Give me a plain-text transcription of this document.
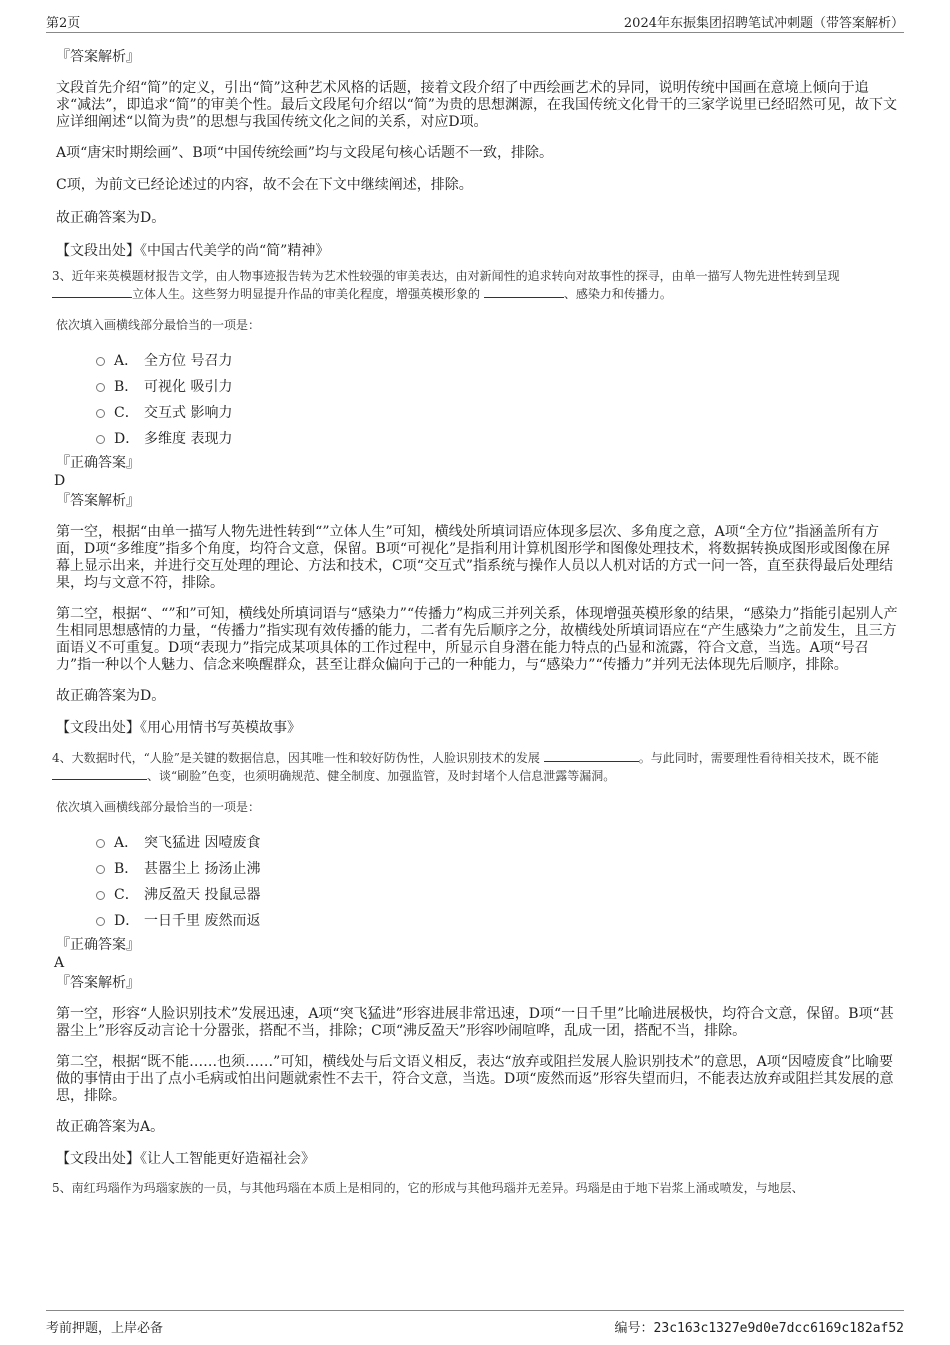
第2页	2024年东振集团招聘笔试冲刺题（带答案解析）
『答案解析』

文段首先介绍“简”的定义，引出“简”这种艺术风格的话题，接着文段介绍了中西绘画艺术的异同，说明传统中国画在意境上倾向于追求“减法”，即追求“简”的审美个性。最后文段尾句介绍以“简”为贵的思想渊源，在我国传统文化骨干的三家学说里已经昭然可见，故下文应详细阐述“以简为贵”的思想与我国传统文化之间的关系，对应D项。

A项“唐宋时期绘画”、B项“中国传统绘画”均与文段尾句核心话题不一致，排除。

C项，为前文已经论述过的内容，故不会在下文中继续阐述，排除。

故正确答案为D。

【文段出处】《中国古代美学的尚“简”精神》
3、近年来英模题材报告文学，由人物事迹报告转为艺术性较强的审美表达，由对新闻性的追求转向对故事性的探寻，由单一描写人物先进性转到呈现 立体人生。这些努力明显提升作品的审美化程度，增强英模形象的	、感染力和传播力。
依次填入画横线部分最恰当的一项是：
A． 全方位 号召力
B． 可视化 吸引力
C． 交互式 影响力
D． 多维度 表现力
『正确答案』
D
『答案解析』

第一空，根据“由单一描写人物先进性转到“”立体人生”可知，横线处所填词语应体现多层次、多角度之意，A项“全方位”指涵盖所有方面，D项“多维度”指多个角度，均符合文意，保留。B项“可视化”是指利用计算机图形学和图像处理技术，将数据转换成图形或图像在屏幕上显示出来，并进行交互处理的理论、方法和技术，C项“交互式”指系统与操作人员以人机对话的方式一问一答，直至获得最后处理结果，均与文意不符，排除。

第二空，根据“、“”和”可知，横线处所填词语与“感染力”“传播力”构成三并列关系，体现增强英模形象的结果，“感染力”指能引起别人产生相同思想感情的力量，“传播力”指实现有效传播的能力，二者有先后顺序之分，故横线处所填词语应在“产生感染力”之前发生，且三方面语义不可重复。D项“表现力”指完成某项具体的工作过程中，所显示自身潜在能力特点的凸显和流露，符合文意，当选。A项“号召力”指一种以个人魅力、信念来唤醒群众，甚至让群众偏向于己的一种能力，与“感染力”“传播力”并列无法体现先后顺序，排除。

故正确答案为D。

【文段出处】《用心用情书写英模故事》
4、大数据时代，“人脸”是关键的数据信息，因其唯一性和较好防伪性，人脸识别技术的发展	。与此同时，需要理性看待相关技术，既不能 、谈“刷脸”色变，也须明确规范、健全制度、加强监管，及时封堵个人信息泄露等漏洞。
依次填入画横线部分最恰当的一项是：
A． 突飞猛进 因噎废食
B． 甚嚣尘上 扬汤止沸
C． 沸反盈天 投鼠忌器
D． 一日千里 废然而返
『正确答案』
A
『答案解析』

第一空，形容“人脸识别技术”发展迅速，A项“突飞猛进”形容进展非常迅速，D项“一日千里”比喻进展极快，均符合文意，保留。B项“甚嚣尘上”形容反动言论十分嚣张，搭配不当，排除；C项“沸反盈天”形容吵闹喧哗，乱成一团，搭配不当，排除。

第二空，根据“既不能……也须……”可知，横线处与后文语义相反，表达“放弃或阻拦发展人脸识别技术”的意思，A项“因噎废食”比喻要做的事情由于出了点小毛病或怕出问题就索性不去干，符合文意，当选。D项“废然而返”形容失望而归，不能表达放弃或阻拦其发展的意思，排除。

故正确答案为A。

【文段出处】《让人工智能更好造福社会》
5、南红玛瑙作为玛瑙家族的一员，与其他玛瑙在本质上是相同的，它的形成与其他玛瑙并无差异。玛瑙是由于地下岩浆上涌或喷发，与地层、
考前押题，上岸必备	编号：23c163c1327e9d0e7dcc6169c182af52
